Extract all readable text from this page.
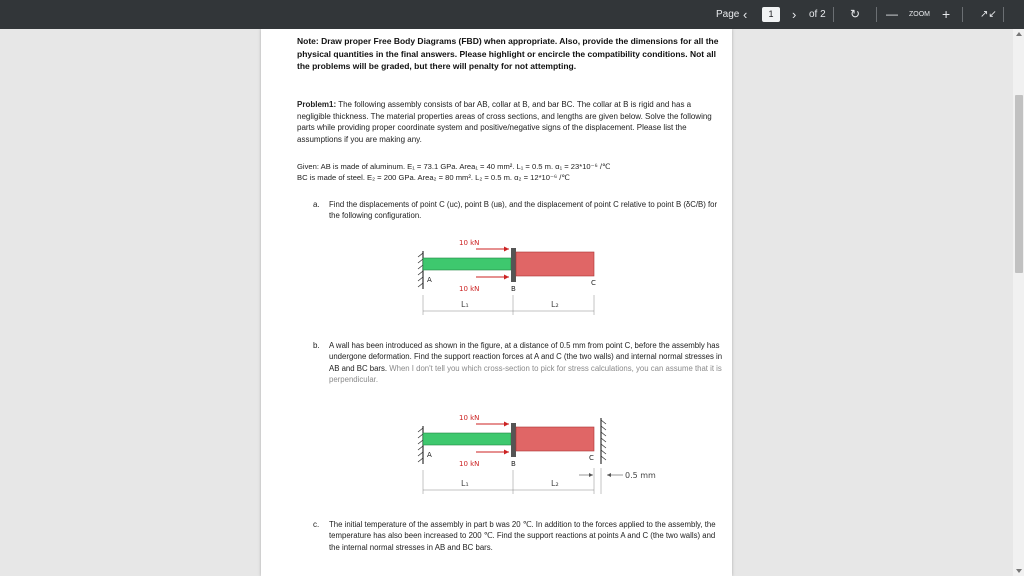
Page ‹	1	› of 2 ↻ — ZOOM +	↗↙
Note: Draw proper Free Body Diagrams (FBD) when appropriate. Also, provide the dimensions for all the physical quantities in the final answers. Please highlight or encircle the compatibility conditions. Not all the problems will be graded, but there will penalty for not attempting.
Problem1: The following assembly consists of bar AB, collar at B, and bar BC. The collar at B is rigid and has a negligible thickness. The material properties areas of cross sections, and lengths are given below. Solve the following parts while providing proper coordinate system and positive/negative signs of the displacement. Please list the assumptions if you are making any.
Given: AB is made of aluminum. E₁ = 73.1 GPa. Area₁ = 40 mm². L₁ = 0.5 m. α₁ = 23*10⁻⁶ /℃
BC is made of steel. E₂ = 200 GPa. Area₂ = 80 mm². L₂ = 0.5 m. α₂ = 12*10⁻⁶ /℃
a.	Find the displacements of point C (uᴄ), point B (uʙ), and the displacement of point C relative to point B (δC/B) for the following configuration.
10 kN
10 kN
A
B
C
L₁	L₂
b.	A wall has been introduced as shown in the figure, at a distance of 0.5 mm from point C, before the assembly has undergone deformation. Find the support reaction forces at A and C (the two walls) and internal normal stresses in AB and BC bars. When I don't tell you which cross-section to pick for stress calculations, you can assume that it is perpendicular.
10 kN
10 kN
A
B
C
0.5 mm
L₁	L₂
c.	The initial temperature of the assembly in part b was 20 ℃. In addition to the forces applied to the assembly, the temperature has also been increased to 200 ℃. Find the support reactions at points A and C (the two walls) and the internal normal stresses in AB and BC bars.
